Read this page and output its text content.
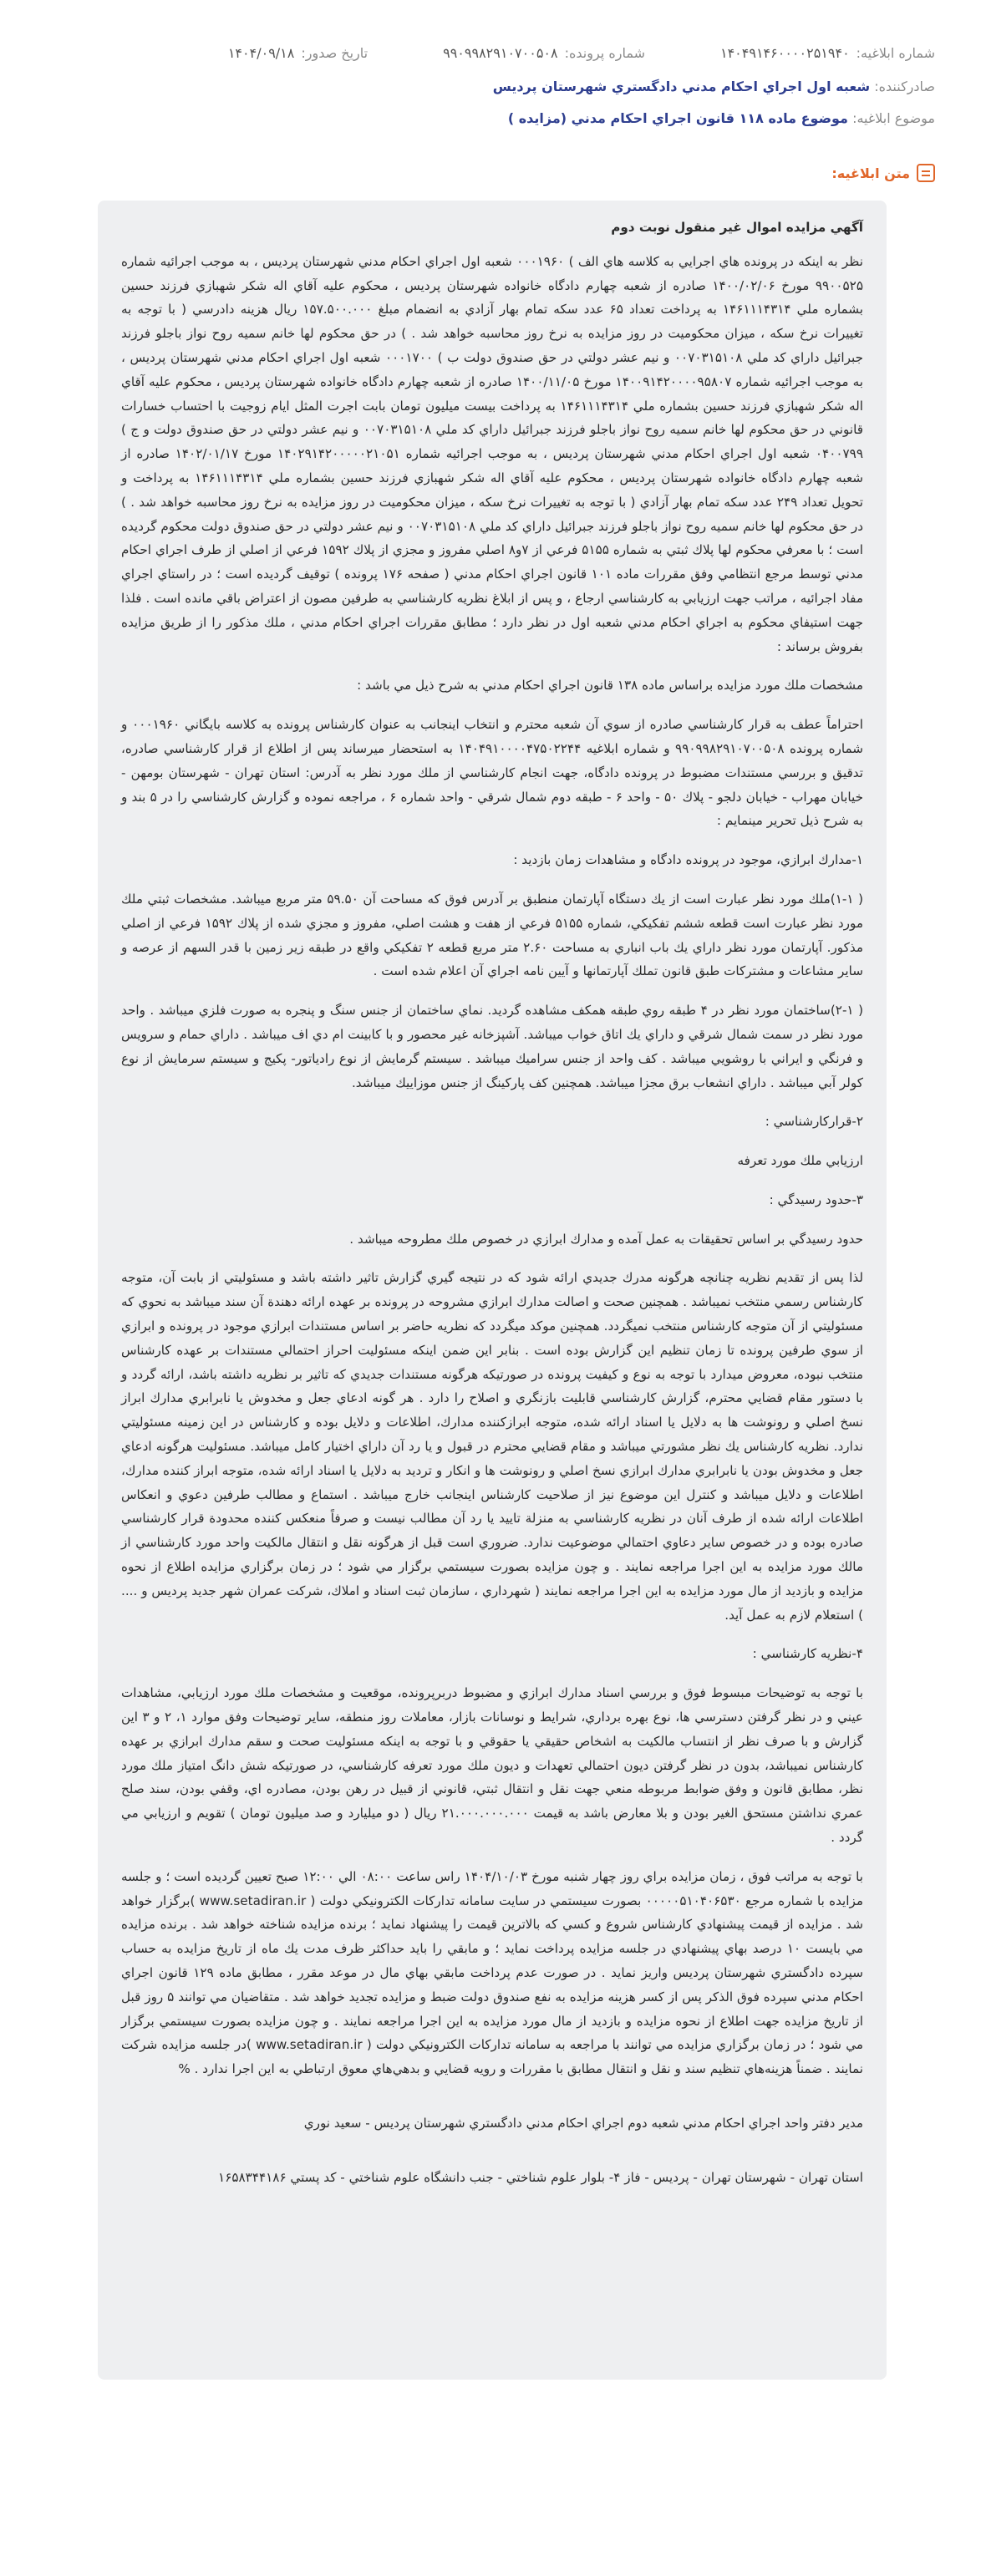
شماره ابلاغیه:
۱۴۰۴۹۱۴۶۰۰۰۰۲۵۱۹۴۰
شماره پرونده:
۹۹۰۹۹۸۲۹۱۰۷۰۰۵۰۸
تاریخ صدور:
۱۴۰۴/۰۹/۱۸
صادرکننده: شعبه اول اجراي احكام مدني دادگستري شهرستان پرديس
موضوع ابلاغیه: موضوع ماده ۱۱۸ قانون اجراي احكام مدني (مزايده )
متن ابلاغیه:

آگهي مزايده اموال غير منقول نوبت دوم

نظر به اينكه در پرونده هاي اجرايي به كلاسه هاي الف ) ۰۰۰۱۹۶۰ شعبه اول اجراي احكام مدني شهرستان پرديس ، به موجب اجرائيه شماره ۹۹۰۰۵۲۵ مورخ ۱۴۰۰/۰۲/۰۶ صادره از شعبه چهارم دادگاه خانواده شهرستان پرديس ، محكوم عليه آقاي اله شكر شهبازي فرزند حسين بشماره ملي ۱۴۶۱۱۱۴۳۱۴ به پرداخت تعداد ۶۵ عدد سكه تمام بهار آزادي به انضمام مبلغ ۱۵۷.۵۰۰.۰۰۰ ريال هزينه دادرسي ( با توجه به تغييرات نرخ سكه ، ميزان محكوميت در روز مزايده به نرخ روز محاسبه خواهد شد . ) در حق محكوم لها خانم سميه روح نواز باجلو فرزند جبرائيل داراي كد ملي ۰۰۷۰۳۱۵۱۰۸ و نيم عشر دولتي در حق صندوق دولت ب ) ۰۰۰۱۷۰۰ شعبه اول اجراي احكام مدني شهرستان پرديس ، به موجب اجرائيه شماره ۱۴۰۰۹۱۴۲۰۰۰۰۹۵۸۰۷ مورخ ۱۴۰۰/۱۱/۰۵ صادره از شعبه چهارم دادگاه خانواده شهرستان پرديس ، محكوم عليه آقاي اله شكر شهبازي فرزند حسين بشماره ملي ۱۴۶۱۱۱۴۳۱۴ به پرداخت بيست ميليون تومان بابت اجرت المثل ايام زوجيت با احتساب خسارات قانوني در حق محكوم لها خانم سميه روح نواز باجلو فرزند جبرائيل داراي كد ملي ۰۰۷۰۳۱۵۱۰۸ و نيم عشر دولتي در حق صندوق دولت و ج ) ۰۴۰۰۷۹۹ شعبه اول اجراي احكام مدني شهرستان پرديس ، به موجب اجرائيه شماره ۱۴۰۲۹۱۴۲۰۰۰۰۰۲۱۰۵۱ مورخ ۱۴۰۲/۰۱/۱۷ صادره از شعبه چهارم دادگاه خانواده شهرستان پرديس ، محكوم عليه آقاي اله شكر شهبازي فرزند حسين بشماره ملي ۱۴۶۱۱۱۴۳۱۴ به پرداخت و تحويل تعداد ۲۴۹ عدد سكه تمام بهار آزادي ( با توجه به تغييرات نرخ سكه ، ميزان محكوميت در روز مزايده به نرخ روز محاسبه خواهد شد . ) در حق محكوم لها خانم سميه روح نواز باجلو فرزند جبرائيل داراي كد ملي ۰۰۷۰۳۱۵۱۰۸ و نيم عشر دولتي در حق صندوق دولت محكوم گرديده است ؛ با معرفي محكوم لها پلاك ثبتي به شماره ۵۱۵۵ فرعي از ۷و۸ اصلي مفروز و مجزي از پلاك ۱۵۹۲ فرعي از اصلي از طرف اجراي احكام مدني توسط مرجع انتظامي وفق مقررات ماده ۱۰۱ قانون اجراي احكام مدني ( صفحه ۱۷۶ پرونده ) توقيف گرديده است ؛ در راستاي اجراي مفاد اجرائيه ، مراتب جهت ارزيابي به كارشناسي ارجاع ، و پس از ابلاغ نظريه كارشناسي به طرفين مصون از اعتراض باقي مانده است . فلذا جهت استيفاي محكوم به اجراي احكام مدني شعبه اول در نظر دارد ؛ مطابق مقررات اجراي احكام مدني ، ملك مذكور را از طريق مزايده بفروش برساند :

مشخصات ملك مورد مزايده براساس ماده ۱۳۸ قانون اجراي احكام مدني به شرح ذيل مي باشد :

احتراماً عطف به قرار كارشناسي صادره از سوي آن شعبه محترم و انتخاب اينجانب به عنوان كارشناس پرونده به كلاسه بايگاني ۰۰۰۱۹۶۰ و شماره پرونده ۹۹۰۹۹۸۲۹۱۰۷۰۰۵۰۸ و شماره ابلاغيه ۱۴۰۴۹۱۰۰۰۰۴۷۵۰۲۲۴۴ به استحضار ميرساند پس از اطلاع از قرار كارشناسي صادره، تدقيق و بررسي مستندات مضبوط در پرونده دادگاه، جهت انجام كارشناسي از ملك مورد نظر به آدرس: استان تهران - شهرستان بومهن - خيابان مهراب - خيابان دلجو - پلاك ۵۰ - واحد ۶ - طبقه دوم شمال شرقي - واحد شماره ۶ ، مراجعه نموده و گزارش كارشناسي را در ۵ بند و به شرح ذيل تحرير مينمايم :

۱-مدارك ابرازي، موجود در پرونده دادگاه و مشاهدات زمان بازديد :

( ۱-۱)ملك مورد نظر عبارت است از يك دستگاه آپارتمان منطبق بر آدرس فوق كه مساحت آن ۵۹.۵۰ متر مربع ميباشد. مشخصات ثبتي ملك مورد نظر عبارت است قطعه ششم تفكيكي، شماره ۵۱۵۵ فرعي از هفت و هشت اصلي، مفروز و مجزي شده از پلاك ۱۵۹۲ فرعي از اصلي مذكور. آپارتمان مورد نظر داراي يك باب انباري به مساحت ۲.۶۰ متر مربع قطعه ۲ تفكيكي واقع در طبقه زير زمين با قدر السهم از عرصه و ساير مشاعات و مشتركات طبق قانون تملك آپارتمانها و آيين نامه اجراي آن اعلام شده است .

( ۲-۱)ساختمان مورد نظر در ۴ طبقه روي طبقه همكف مشاهده گرديد. نماي ساختمان از جنس سنگ و پنجره به صورت فلزي ميباشد . واحد مورد نظر در سمت شمال شرقي و داراي يك اتاق خواب ميباشد. آشپزخانه غير محصور و با كابينت ام دي اف ميباشد . داراي حمام و سرويس و فرنگي و ايراني با روشويي ميباشد . كف واحد از جنس سراميك ميباشد . سيستم گرمايش از نوع رادياتور- پكيج و سيستم سرمايش از نوع كولر آبي ميباشد . داراي انشعاب برق مجزا ميباشد. همچنين كف پاركينگ از جنس موزاييك ميباشد.

۲-قراركارشناسي :

ارزيابي ملك مورد تعرفه

۳-حدود رسيدگي :

حدود رسيدگي بر اساس تحقيقات به عمل آمده و مدارك ابرازي در خصوص ملك مطروحه ميباشد .

لذا پس از تقديم نظريه چنانچه هرگونه مدرك جديدي ارائه شود كه در نتيجه گيري گزارش تاثير داشته باشد و مسئوليتي از بابت آن، متوجه كارشناس رسمي منتخب نميباشد . همچنين صحت و اصالت مدارك ابرازي مشروحه در پرونده بر عهده ارائه دهندة آن سند ميباشد به نحوي كه مسئوليتي از آن متوجه كارشناس منتخب نميگردد. همچنين موكد ميگردد كه نظريه حاضر بر اساس مستندات ابرازي موجود در پرونده و ابرازي از سوي طرفين پرونده تا زمان تنظيم اين گزارش بوده است . بنابر اين ضمن اينكه مسئوليت احراز احتمالي مستندات بر عهده كارشناس منتخب نبوده، معروض ميدارد با توجه به نوع و كيفيت پرونده در صورتيكه هرگونه مستندات جديدي كه تاثير بر نظريه داشته باشد، ارائه گردد و با دستور مقام قضايي محترم، گزارش كارشناسي قابليت بازنگري و اصلاح را دارد . هر گونه ادعاي جعل و مخدوش يا نابرابري مدارك ابراز نسخ اصلي و رونوشت ها به دلايل يا اسناد ارائه شده، متوجه ابرازكننده مدارك، اطلاعات و دلايل بوده و كارشناس در اين زمينه مسئوليتي ندارد. نظريه كارشناس يك نظر مشورتي ميباشد و مقام قضايي محترم در قبول و يا رد آن داراي اختيار كامل ميباشد. مسئوليت هرگونه ادعاي جعل و مخدوش بودن يا نابرابري مدارك ابرازي نسخ اصلي و رونوشت ها و انكار و ترديد به دلايل يا اسناد ارائه شده، متوجه ابراز كننده مدارك، اطلاعات و دلايل ميباشد و كنترل اين موضوع نيز از صلاحيت كارشناس اينجانب خارج ميباشد . استماع و مطالب طرفين دعوي و انعكاس اطلاعات ارائه شده از طرف آنان در نظريه كارشناسي به منزلة تاييد يا رد آن مطالب نيست و صرفاً منعكس كننده محدودة قرار كارشناسي صادره بوده و در خصوص ساير دعاوي احتمالي موضوعيت ندارد. ضروري است قبل از هرگونه نقل و انتقال مالكيت واحد مورد كارشناسي از مالك مورد مزايده به اين اجرا مراجعه نمايند . و چون مزايده بصورت سيستمي برگزار مي شود ؛ در زمان برگزاري مزايده اطلاع از نحوه مزايده و بازديد از مال مورد مزايده به اين اجرا مراجعه نمايند ( شهرداري ، سازمان ثبت اسناد و املاك، شركت عمران شهر جديد پرديس و .... ) استعلام لازم به عمل آيد.

۴-نظريه كارشناسي :

با توجه به توضيحات مبسوط فوق و بررسي اسناد مدارك ابرازي و مضبوط دربرپرونده، موقعيت و مشخصات ملك مورد ارزيابي، مشاهدات عيني و در نظر گرفتن دسترسي ها، نوع بهره برداري، شرايط و نوسانات بازار، معاملات روز منطقه، ساير توضيحات وفق موارد ۱، ۲ و ۳ اين گزارش و با صرف نظر از انتساب مالكيت به اشخاص حقيقي يا حقوقي و با توجه به اينكه مسئوليت صحت و سقم مدارك ابرازي بر عهده كارشناس نميباشد، بدون در نظر گرفتن ديون احتمالي تعهدات و ديون ملك مورد تعرفه كارشناسي، در صورتيكه شش دانگ امتياز ملك مورد نظر، مطابق قانون و وفق ضوابط مربوطه منعي جهت نقل و انتقال ثبتي، قانوني از قبيل در رهن بودن، مصادره اي، وقفي بودن، سند صلح عمري نداشتن مستحق الغير بودن و بلا معارض باشد به قيمت ۲۱.۰۰۰.۰۰۰.۰۰۰ ريال ( دو ميليارد و صد ميليون تومان ) تقويم و ارزيابي مي گردد .

با توجه به مراتب فوق ، زمان مزايده براي روز چهار شنبه مورخ ۱۴۰۴/۱۰/۰۳ راس ساعت ۰۸:۰۰ الي ۱۲:۰۰ صبح تعيين گرديده است ؛ و جلسه مزايده با شماره مرجع ۰۰۰۰۰۵۱۰۴۰۶۵۳۰ بصورت سيستمي در سايت سامانه تداركات الكترونيكي دولت ( www.setadiran.ir )برگزار خواهد شد . مزايده از قيمت پيشنهادي كارشناس شروع و كسي كه بالاترين قيمت را پيشنهاد نمايد ؛ برنده مزايده شناخته خواهد شد . برنده مزايده مي بايست ۱۰ درصد بهاي پيشنهادي در جلسه مزايده پرداخت نمايد ؛ و مابقي را بايد حداكثر ظرف مدت يك ماه از تاريخ مزايده به حساب سپرده دادگستري شهرستان پرديس واريز نمايد . در صورت عدم پرداخت مابقي بهاي مال در موعد مقرر ، مطابق ماده ۱۲۹ قانون اجراي احكام مدني سپرده فوق الذكر پس از كسر هزينه مزايده به نفع صندوق دولت ضبط و مزايده تجديد خواهد شد . متقاضيان مي توانند ۵ روز قبل از تاريخ مزايده جهت اطلاع از نحوه مزايده و بازديد از مال مورد مزايده به اين اجرا مراجعه نمايند . و چون مزايده بصورت سيستمي برگزار مي شود ؛ در زمان برگزاري مزايده مي توانند با مراجعه به سامانه تداركات الكترونيكي دولت ( www.setadiran.ir )در جلسه مزايده شركت نمايند . ضمناً هزينه‌هاي تنظيم سند و نقل و انتقال مطابق با مقررات و رويه قضايي و بدهي‌هاي معوق ارتباطي به اين اجرا ندارد . %

مدير دفتر واحد اجراي احكام مدني شعبه دوم اجراي احكام مدني دادگستري شهرستان پرديس - سعيد نوري

استان تهران - شهرستان تهران - پرديس - فاز ۴- بلوار علوم شناختي - جنب دانشگاه علوم شناختي - كد پستي ۱۶۵۸۳۴۴۱۸۶
